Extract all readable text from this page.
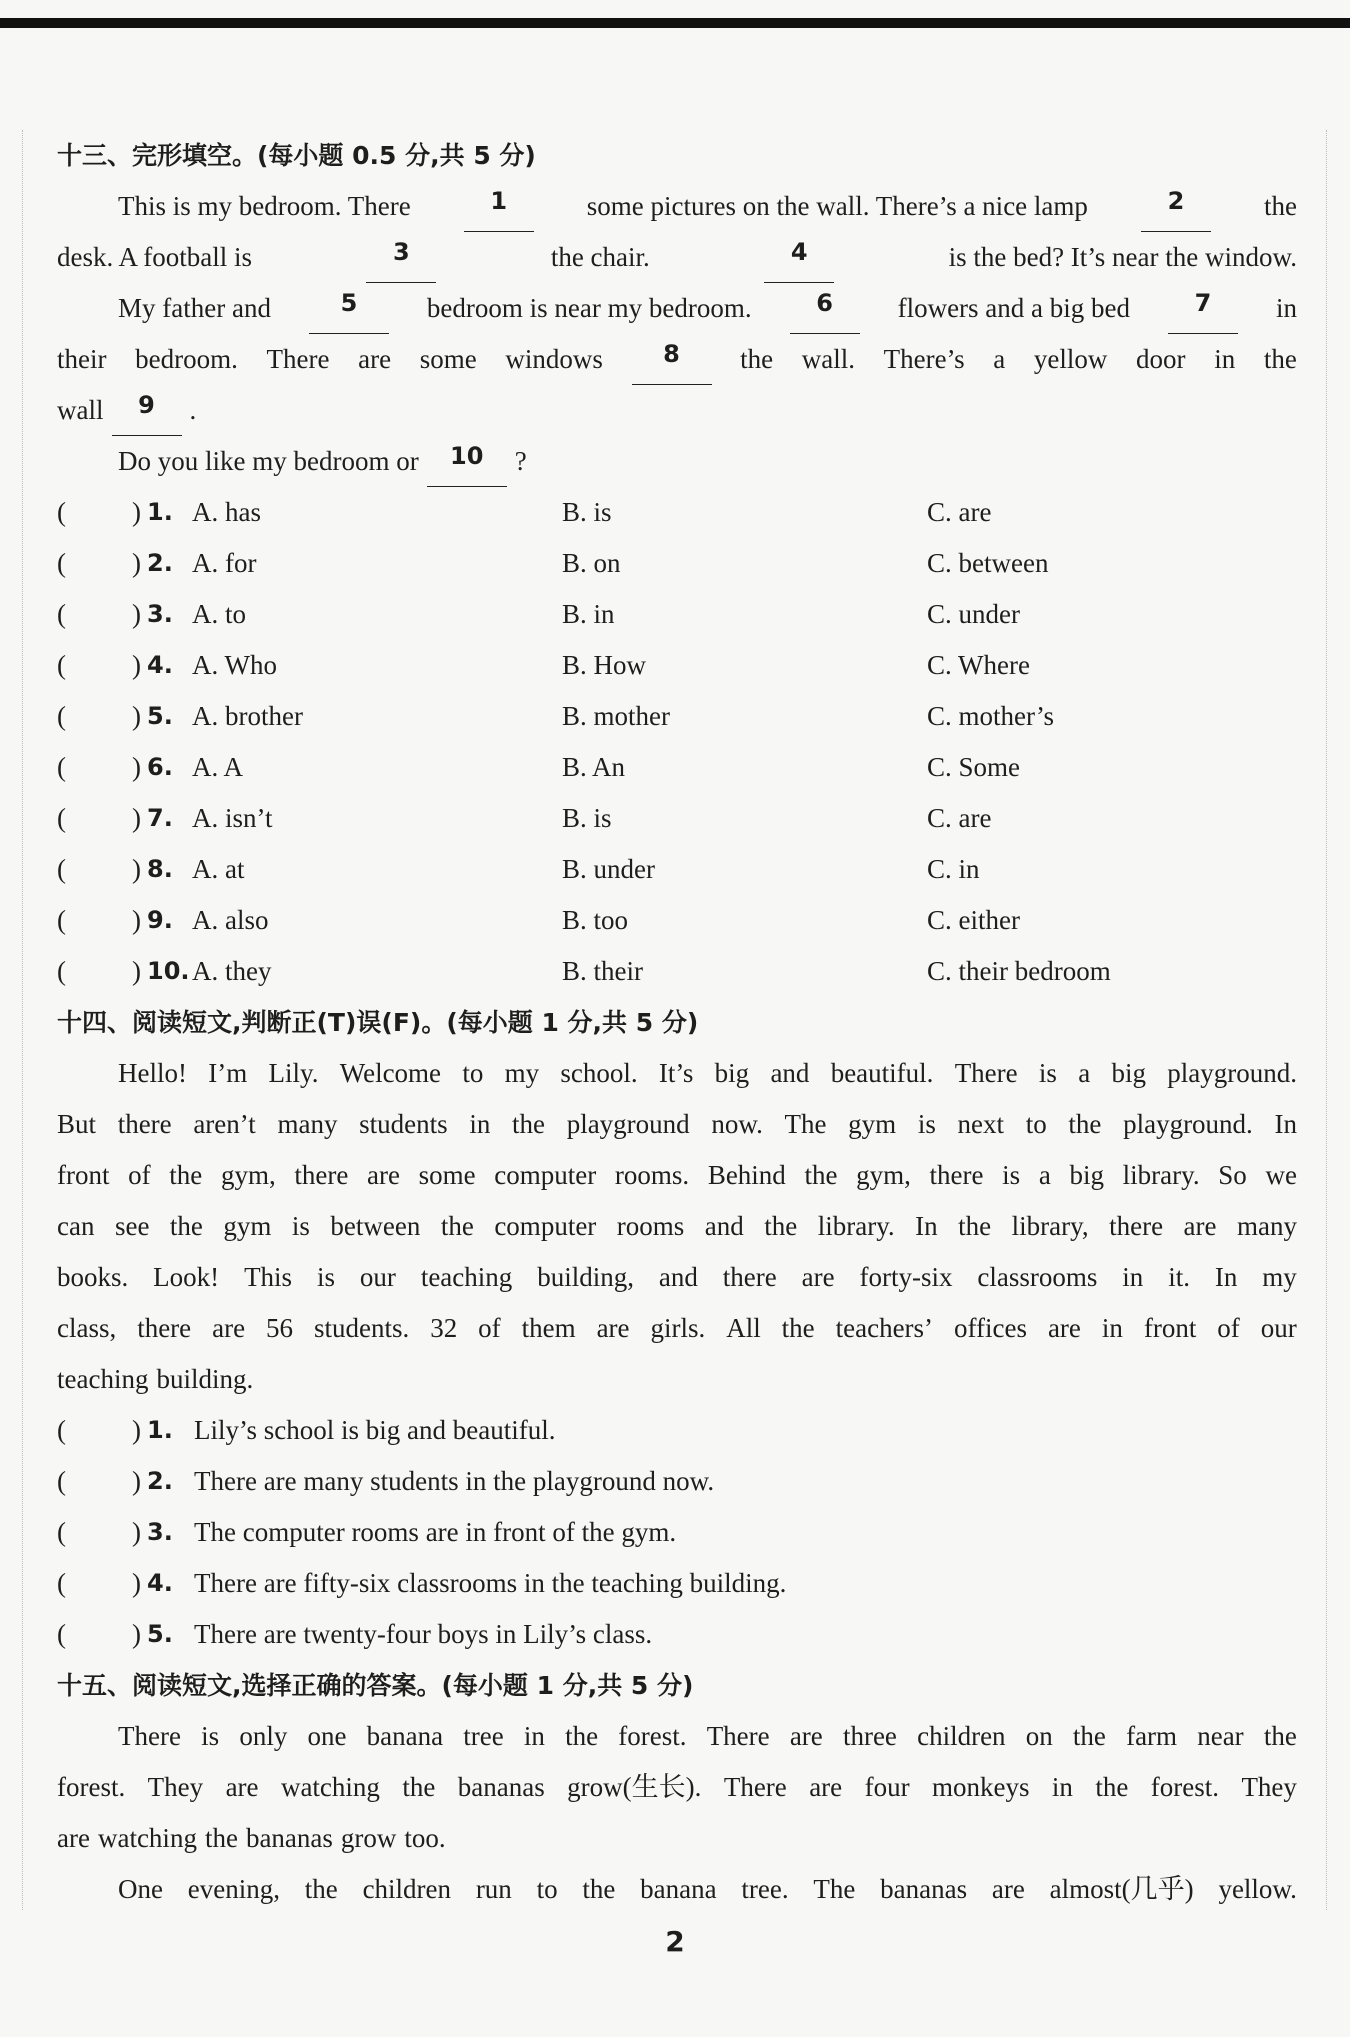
十三、完形填空。(每小题 0.5 分,共 5 分)
This is my bedroom. There	1	some pictures on the wall. There’s a nice lamp	2	the
desk. A football is	3	the chair.	4	is the bed? It’s near the window.
My father and	5	bedroom is near my bedroom.	6	flowers and a big bed	7	in
their bedroom. There are some windows	8	the wall. There’s a yellow door in the
wall	9	.
Do you like my bedroom or	10	?
( ) 1. A. has	B. is	C. are
( ) 2. A. for	B. on	C. between
( ) 3. A. to	B. in	C. under
( ) 4. A. Who	B. How	C. Where
( ) 5. A. brother	B. mother	C. mother’s
( ) 6. A. A	B. An	C. Some
( ) 7. A. isn’t	B. is	C. are
( ) 8. A. at	B. under	C. in
( ) 9. A. also	B. too	C. either
( ) 10. A. they	B. their	C. their bedroom
十四、阅读短文,判断正(T)误(F)。(每小题 1 分,共 5 分)
Hello! I’m Lily. Welcome to my school. It’s big and beautiful. There is a big playground.
But there aren’t many students in the playground now. The gym is next to the playground. In
front of the gym, there are some computer rooms. Behind the gym, there is a big library. So we
can see the gym is between the computer rooms and the library. In the library, there are many
books. Look! This is our teaching building, and there are forty-six classrooms in it. In my
class, there are 56 students. 32 of them are girls. All the teachers’ offices are in front of our
teaching building.
( ) 1. Lily’s school is big and beautiful.
( ) 2. There are many students in the playground now.
( ) 3. The computer rooms are in front of the gym.
( ) 4. There are fifty-six classrooms in the teaching building.
( ) 5. There are twenty-four boys in Lily’s class.
十五、阅读短文,选择正确的答案。(每小题 1 分,共 5 分)
There is only one banana tree in the forest. There are three children on the farm near the
forest. They are watching the bananas grow(生长). There are four monkeys in the forest. They
are watching the bananas grow too.
One evening, the children run to the banana tree. The bananas are almost(几乎) yellow.
2
